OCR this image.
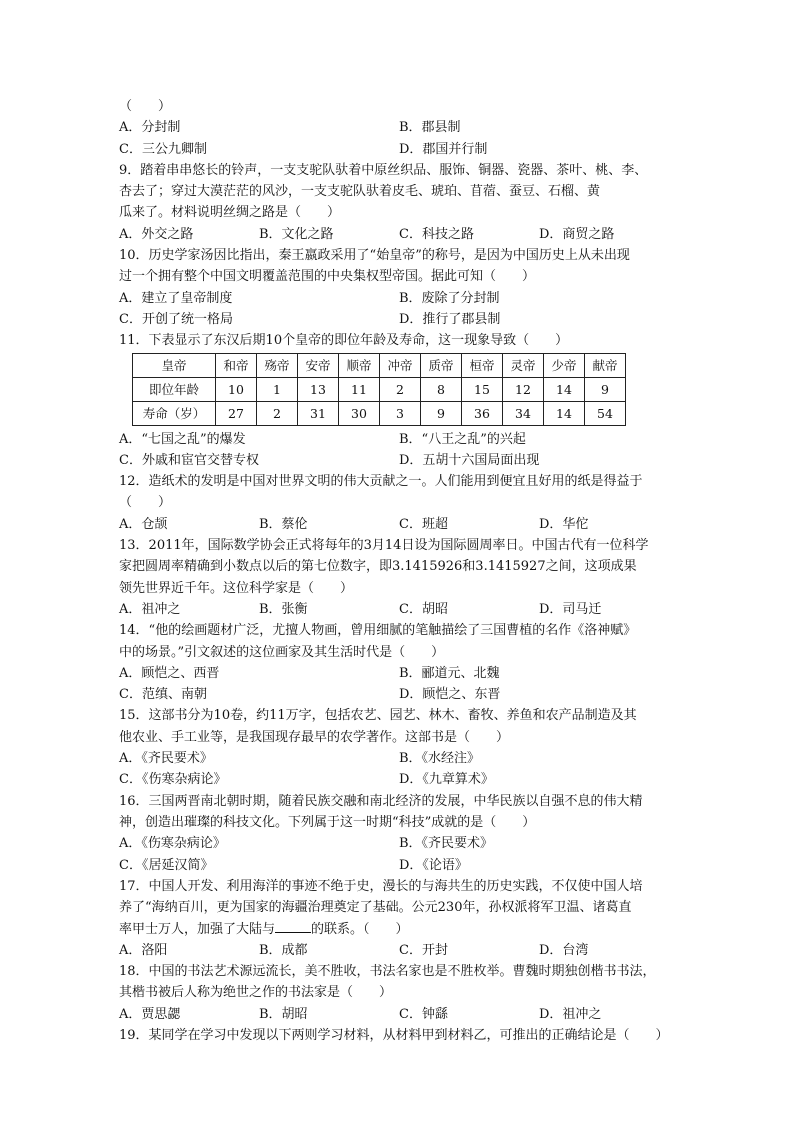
（　　）
A．分封制	B．郡县制
C．三公九卿制	D．郡国并行制
9．踏着串串悠长的铃声，一支支驼队驮着中原丝织品、服饰、铜器、瓷器、茶叶、桃、李、
杏去了；穿过大漠茫茫的风沙，一支支驼队驮着皮毛、琥珀、苜蓿、蚕豆、石榴、黄
瓜来了。材料说明丝绸之路是（　　）
A．外交之路	B．文化之路	C．科技之路	D．商贸之路
10．历史学家汤因比指出，秦王嬴政采用了“始皇帝”的称号，是因为中国历史上从未出现
过一个拥有整个中国文明覆盖范围的中央集权型帝国。据此可知（　　）
A．建立了皇帝制度	B．废除了分封制
C．开创了统一格局	D．推行了郡县制
11．下表显示了东汉后期10个皇帝的即位年龄及寿命，这一现象导致（　　）
皇帝	和帝	殇帝	安帝	顺帝	冲帝	质帝	桓帝	灵帝	少帝	献帝
即位年龄	10	1	13	11	2	8	15	12	14	9
寿命（岁）	27	2	31	30	3	9	36	34	14	54
A．“七国之乱”的爆发	B．“八王之乱”的兴起
C．外戚和宦官交替专权	D．五胡十六国局面出现
12．造纸术的发明是中国对世界文明的伟大贡献之一。人们能用到便宜且好用的纸是得益于
（　　）
A．仓颉	B．蔡伦	C．班超	D．华佗
13．2011年，国际数学协会正式将每年的3月14日设为国际圆周率日。中国古代有一位科学
家把圆周率精确到小数点以后的第七位数字，即3.1415926和3.1415927之间，这项成果
领先世界近千年。这位科学家是（　　）
A．祖冲之	B．张衡	C．胡昭	D．司马迁
14．“他的绘画题材广泛，尤擅人物画，曾用细腻的笔触描绘了三国曹植的名作《洛神赋》
中的场景。”引文叙述的这位画家及其生活时代是（　　）
A．顾恺之、西晋	B．郦道元、北魏
C．范缜、南朝	D．顾恺之、东晋
15．这部书分为10卷，约11万字，包括农艺、园艺、林木、畜牧、养鱼和农产品制造及其
他农业、手工业等，是我国现存最早的农学著作。这部书是（　　）
A．《齐民要术》	B．《水经注》
C．《伤寒杂病论》	D．《九章算术》
16．三国两晋南北朝时期，随着民族交融和南北经济的发展，中华民族以自强不息的伟大精
神，创造出璀璨的科技文化。下列属于这一时期“科技”成就的是（　　）
A．《伤寒杂病论》	B．《齐民要术》
C．《居延汉简》	D．《论语》
17．中国人开发、利用海洋的事迹不绝于史，漫长的与海共生的历史实践，不仅使中国人培
养了“海纳百川，更为国家的海疆治理奠定了基础。公元230年，孙权派将军卫温、诸葛直
率甲士万人，加强了大陆与	的联系。（　　）
A．洛阳	B．成都	C．开封	D．台湾
18．中国的书法艺术源远流长，美不胜收，书法名家也是不胜枚举。曹魏时期独创楷书书法，
其楷书被后人称为绝世之作的书法家是（　　）
A．贾思勰	B．胡昭	C．钟繇	D．祖冲之
19．某同学在学习中发现以下两则学习材料，从材料甲到材料乙，可推出的正确结论是（　　）
